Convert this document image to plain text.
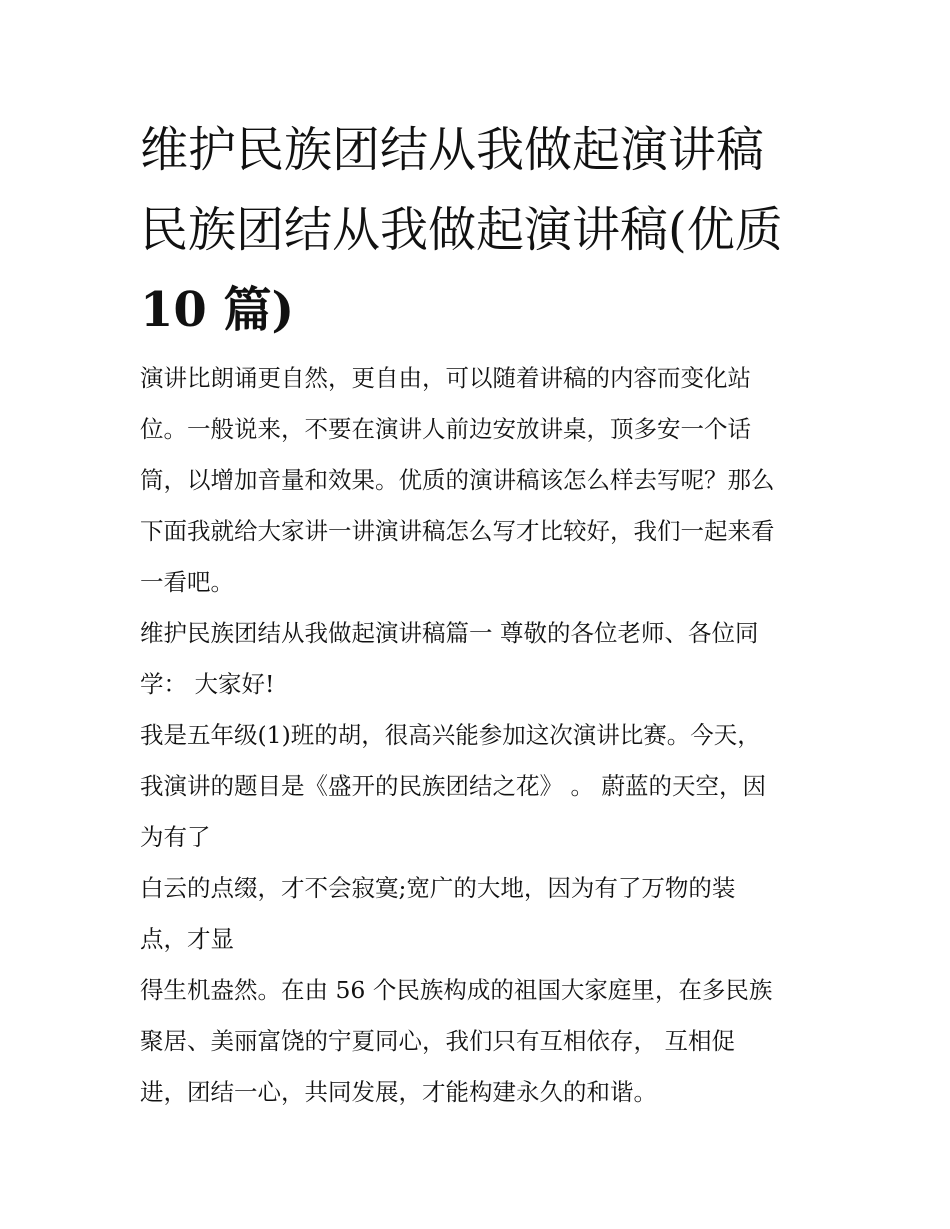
维护民族团结从我做起演讲稿
民族团结从我做起演讲稿(优质
10 篇)
演讲比朗诵更自然，更自由，可以随着讲稿的内容而变化站
位。一般说来，不要在演讲人前边安放讲桌，顶多安一个话
筒，以增加音量和效果。优质的演讲稿该怎么样去写呢？那么
下面我就给大家讲一讲演讲稿怎么写才比较好，我们一起来看
一看吧。
维护民族团结从我做起演讲稿篇一 尊敬的各位老师、各位同
学： 大家好!
我是五年级(1)班的胡，很高兴能参加这次演讲比赛。今天，
我演讲的题目是《盛开的民族团结之花》 。 蔚蓝的天空，因
为有了
白云的点缀，才不会寂寞;宽广的大地，因为有了万物的装
点，才显
得生机盎然。在由 56 个民族构成的祖国大家庭里，在多民族
聚居、美丽富饶的宁夏同心，我们只有互相依存， 互相促
进，团结一心，共同发展，才能构建永久的和谐。
